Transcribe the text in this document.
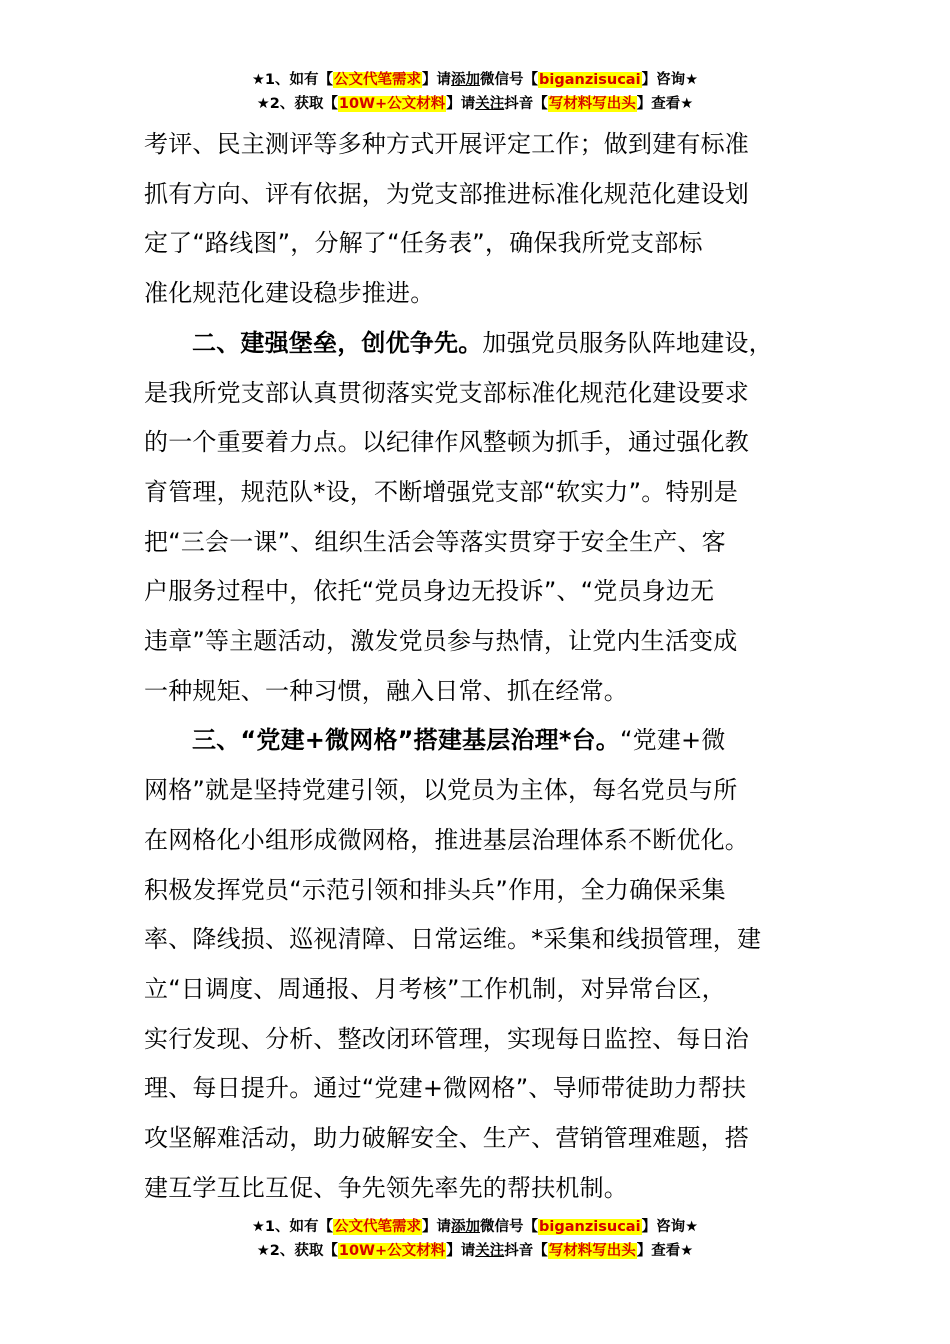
★1、如有【公文代笔需求】请添加微信号【biganzisucai】咨询★
★2、获取【10W+公文材料】请关注抖音【写材料写出头】查看★

考评、民主测评等多种方式开展评定工作；做到建有标准
抓有方向、评有依据，为党支部推进标准化规范化建设划
定了“路线图”，分解了“任务表”，确保我所党支部标
准化规范化建设稳步推进。

二、建强堡垒，创优争先。加强党员服务队阵地建设，
是我所党支部认真贯彻落实党支部标准化规范化建设要求
的一个重要着力点。以纪律作风整顿为抓手，通过强化教
育管理，规范队*设，不断增强党支部“软实力”。特别是
把“三会一课”、组织生活会等落实贯穿于安全生产、客
户服务过程中，依托“党员身边无投诉”、“党员身边无
违章”等主题活动，激发党员参与热情，让党内生活变成
一种规矩、一种习惯，融入日常、抓在经常。

三、“党建+微网格”搭建基层治理*台。“党建+微
网格”就是坚持党建引领，以党员为主体，每名党员与所
在网格化小组形成微网格，推进基层治理体系不断优化。
积极发挥党员“示范引领和排头兵”作用，全力确保采集
率、降线损、巡视清障、日常运维。*采集和线损管理，建
立“日调度、周通报、月考核”工作机制，对异常台区，
实行发现、分析、整改闭环管理，实现每日监控、每日治
理、每日提升。通过“党建+微网格”、导师带徒助力帮扶
攻坚解难活动，助力破解安全、生产、营销管理难题，搭
建互学互比互促、争先领先率先的帮扶机制。

★1、如有【公文代笔需求】请添加微信号【biganzisucai】咨询★
★2、获取【10W+公文材料】请关注抖音【写材料写出头】查看★
